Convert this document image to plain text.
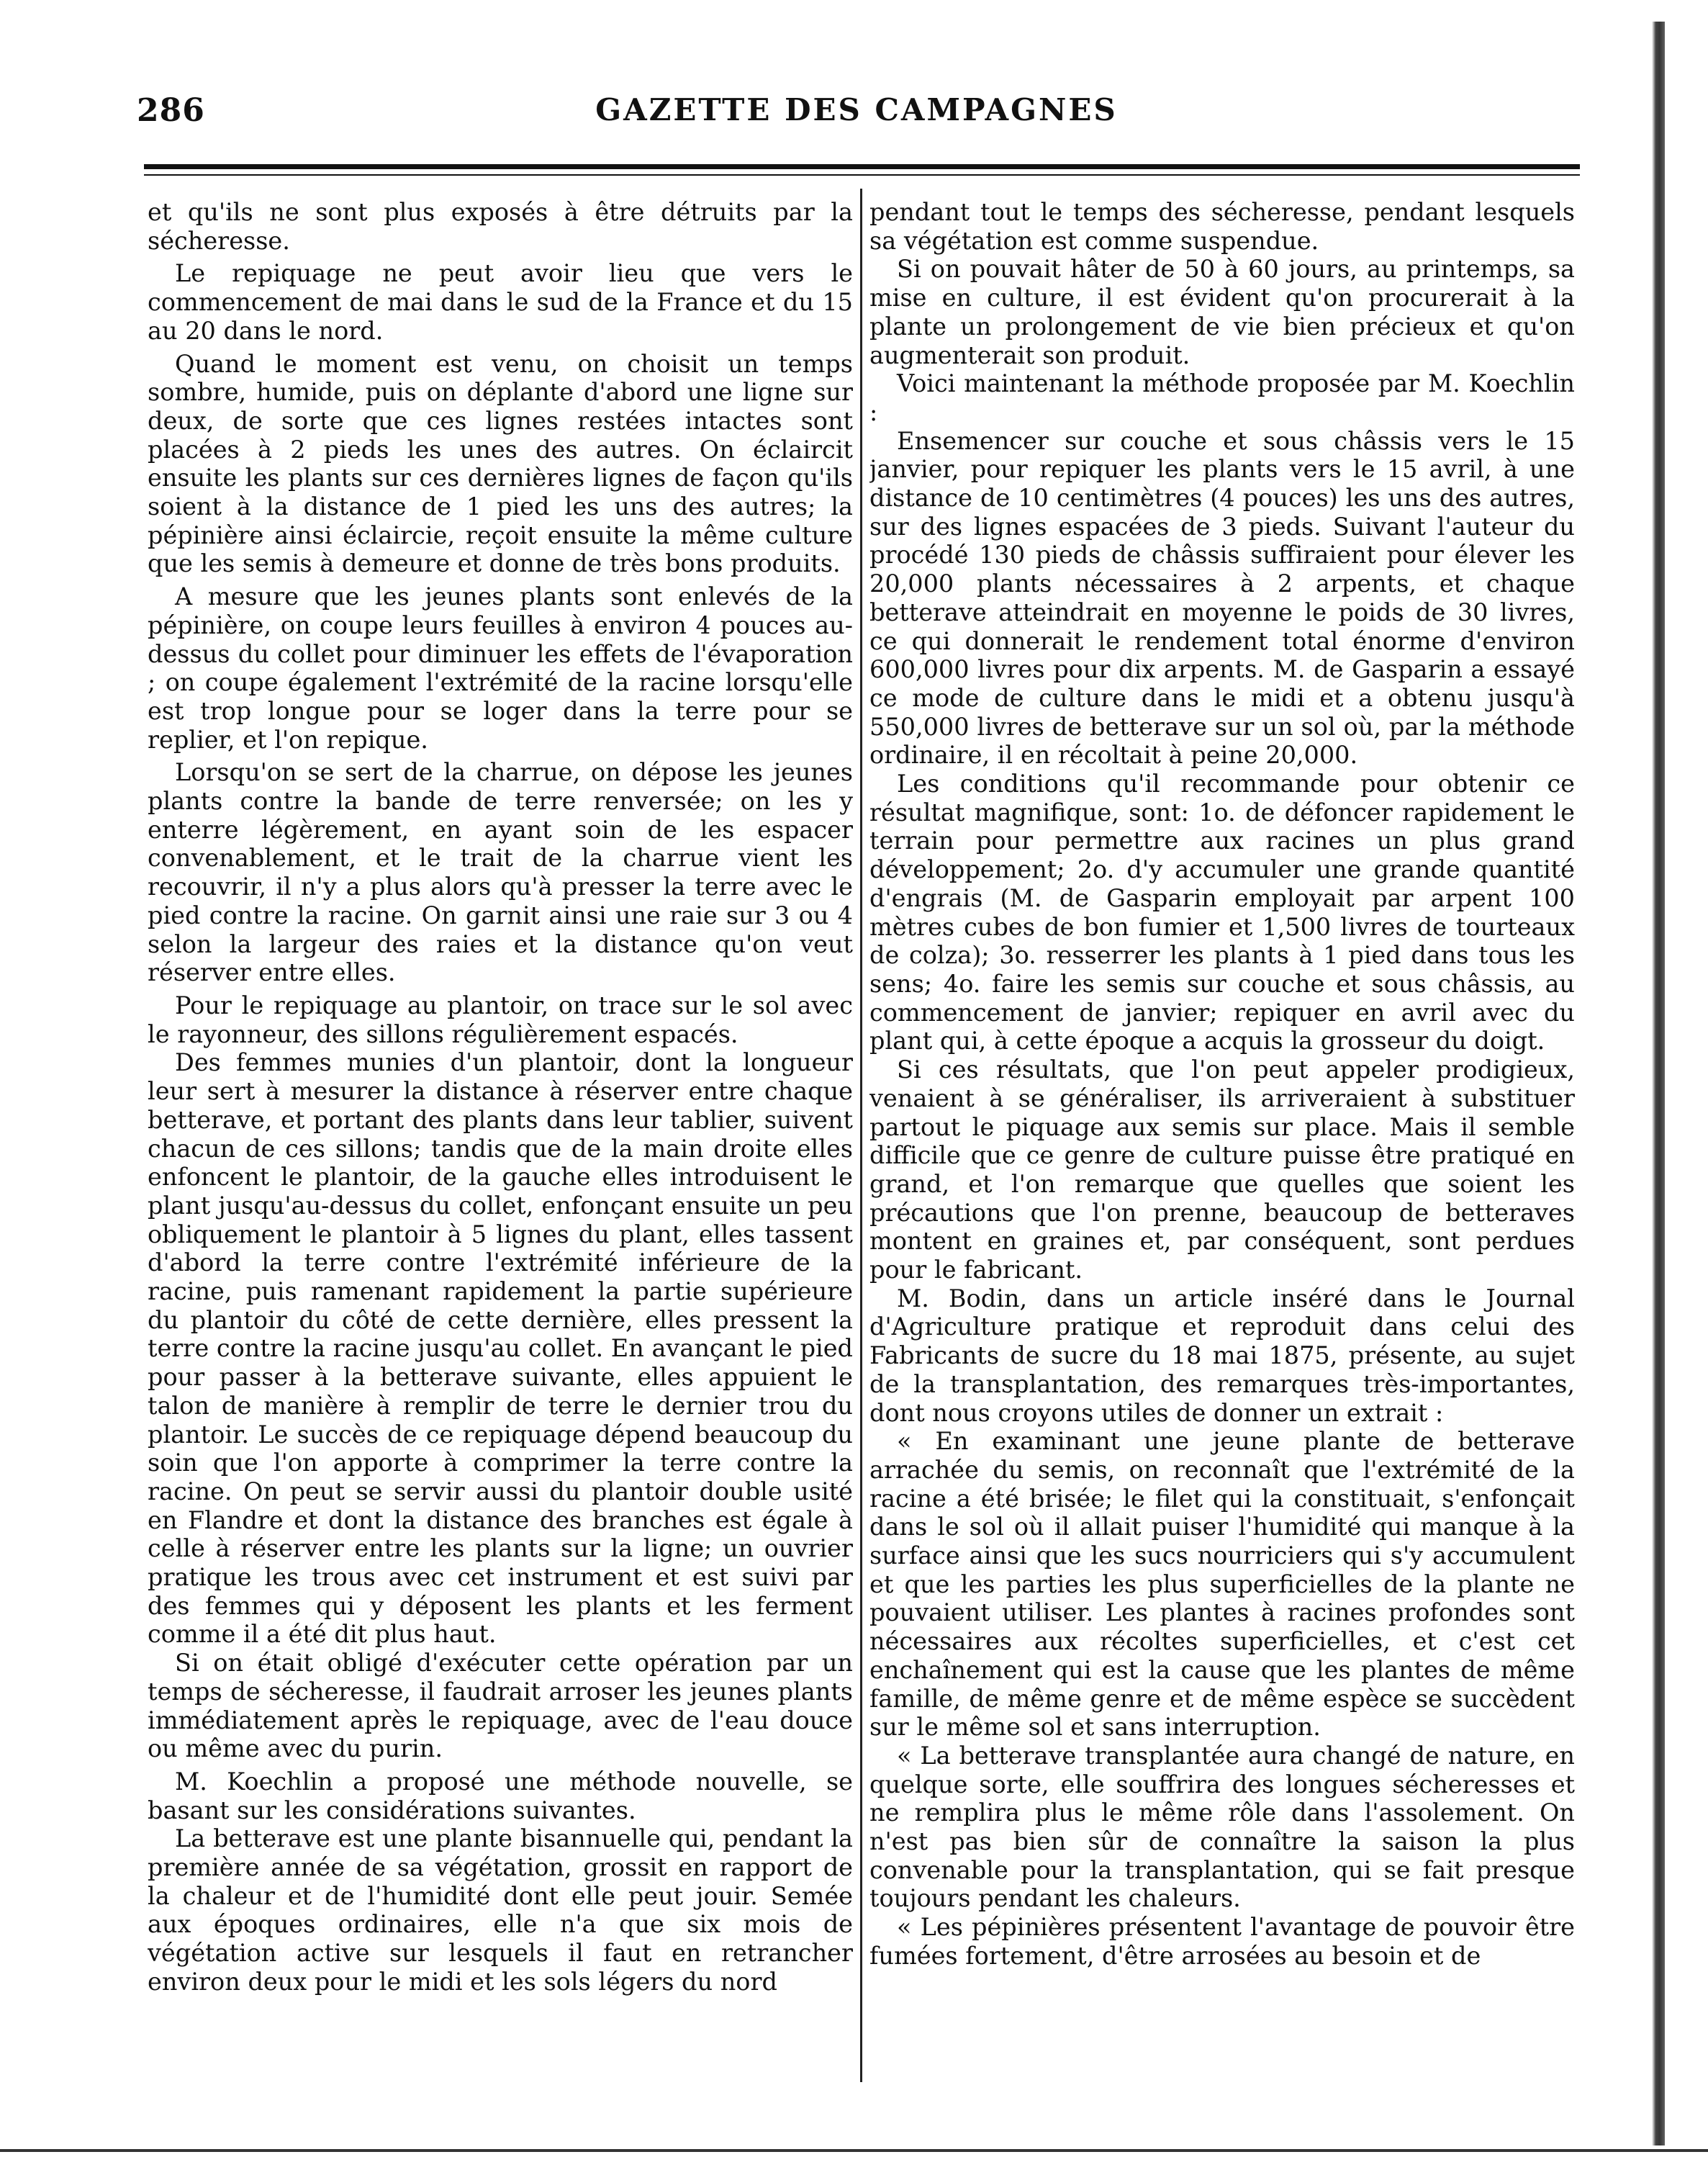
286	GAZETTE DES CAMPAGNES

et qu'ils ne sont plus exposés à être détruits par la sécheresse.

Le repiquage ne peut avoir lieu que vers le commencement de mai dans le sud de la France et du 15 au 20 dans le nord.

Quand le moment est venu, on choisit un temps sombre, humide, puis on déplante d'abord une ligne sur deux, de sorte que ces lignes restées intactes sont placées à 2 pieds les unes des autres. On éclaircit ensuite les plants sur ces dernières lignes de façon qu'ils soient à la distance de 1 pied les uns des autres; la pépinière ainsi éclaircie, reçoit ensuite la même culture que les semis à demeure et donne de très bons produits.

A mesure que les jeunes plants sont enlevés de la pépinière, on coupe leurs feuilles à environ 4 pouces au-dessus du collet pour diminuer les effets de l'évaporation ; on coupe également l'extrémité de la racine lorsqu'elle est trop longue pour se loger dans la terre pour se replier, et l'on repique.

Lorsqu'on se sert de la charrue, on dépose les jeunes plants contre la bande de terre renversée; on les y enterre légèrement, en ayant soin de les espacer convenablement, et le trait de la charrue vient les recouvrir, il n'y a plus alors qu'à presser la terre avec le pied contre la racine. On garnit ainsi une raie sur 3 ou 4 selon la largeur des raies et la distance qu'on veut réserver entre elles.

Pour le repiquage au plantoir, on trace sur le sol avec le rayonneur, des sillons régulièrement espacés.

Des femmes munies d'un plantoir, dont la longueur leur sert à mesurer la distance à réserver entre chaque betterave, et portant des plants dans leur tablier, suivent chacun de ces sillons; tandis que de la main droite elles enfoncent le plantoir, de la gauche elles introduisent le plant jusqu'au-dessus du collet, enfonçant ensuite un peu obliquement le plantoir à 5 lignes du plant, elles tassent d'abord la terre contre l'extrémité inférieure de la racine, puis ramenant rapidement la partie supérieure du plantoir du côté de cette dernière, elles pressent la terre contre la racine jusqu'au collet. En avançant le pied pour passer à la betterave suivante, elles appuient le talon de manière à remplir de terre le dernier trou du plantoir. Le succès de ce repiquage dépend beaucoup du soin que l'on apporte à comprimer la terre contre la racine. On peut se servir aussi du plantoir double usité en Flandre et dont la distance des branches est égale à celle à réserver entre les plants sur la ligne; un ouvrier pratique les trous avec cet instrument et est suivi par des femmes qui y déposent les plants et les ferment comme il a été dit plus haut.

Si on était obligé d'exécuter cette opération par un temps de sécheresse, il faudrait arroser les jeunes plants immédiatement après le repiquage, avec de l'eau douce ou même avec du purin.

M. Koechlin a proposé une méthode nouvelle, se basant sur les considérations suivantes.

La betterave est une plante bisannuelle qui, pendant la première année de sa végétation, grossit en rapport de la chaleur et de l'humidité dont elle peut jouir. Semée aux époques ordinaires, elle n'a que six mois de végétation active sur lesquels il faut en retrancher environ deux pour le midi et les sols légers du nord

pendant tout le temps des sécheresse, pendant lesquels sa végétation est comme suspendue.

Si on pouvait hâter de 50 à 60 jours, au printemps, sa mise en culture, il est évident qu'on procurerait à la plante un prolongement de vie bien précieux et qu'on augmenterait son produit.

Voici maintenant la méthode proposée par M. Koechlin :

Ensemencer sur couche et sous châssis vers le 15 janvier, pour repiquer les plants vers le 15 avril, à une distance de 10 centimètres (4 pouces) les uns des autres, sur des lignes espacées de 3 pieds. Suivant l'auteur du procédé 130 pieds de châssis suffiraient pour élever les 20,000 plants nécessaires à 2 arpents, et chaque betterave atteindrait en moyenne le poids de 30 livres, ce qui donnerait le rendement total énorme d'environ 600,000 livres pour dix arpents. M. de Gasparin a essayé ce mode de culture dans le midi et a obtenu jusqu'à 550,000 livres de betterave sur un sol où, par la méthode ordinaire, il en récoltait à peine 20,000.

Les conditions qu'il recommande pour obtenir ce résultat magnifique, sont: 1o. de défoncer rapidement le terrain pour permettre aux racines un plus grand développement; 2o. d'y accumuler une grande quantité d'engrais (M. de Gasparin employait par arpent 100 mètres cubes de bon fumier et 1,500 livres de tourteaux de colza); 3o. resserrer les plants à 1 pied dans tous les sens; 4o. faire les semis sur couche et sous châssis, au commencement de janvier; repiquer en avril avec du plant qui, à cette époque a acquis la grosseur du doigt.

Si ces résultats, que l'on peut appeler prodigieux, venaient à se généraliser, ils arriveraient à substituer partout le piquage aux semis sur place. Mais il semble difficile que ce genre de culture puisse être pratiqué en grand, et l'on remarque que quelles que soient les précautions que l'on prenne, beaucoup de betteraves montent en graines et, par conséquent, sont perdues pour le fabricant.

M. Bodin, dans un article inséré dans le Journal d'Agriculture pratique et reproduit dans celui des Fabricants de sucre du 18 mai 1875, présente, au sujet de la transplantation, des remarques très-importantes, dont nous croyons utiles de donner un extrait :

« En examinant une jeune plante de betterave arrachée du semis, on reconnaît que l'extrémité de la racine a été brisée; le filet qui la constituait, s'enfonçait dans le sol où il allait puiser l'humidité qui manque à la surface ainsi que les sucs nourriciers qui s'y accumulent et que les parties les plus superficielles de la plante ne pouvaient utiliser. Les plantes à racines profondes sont nécessaires aux récoltes superficielles, et c'est cet enchaînement qui est la cause que les plantes de même famille, de même genre et de même espèce se succèdent sur le même sol et sans interruption.

« La betterave transplantée aura changé de nature, en quelque sorte, elle souffrira des longues sécheresses et ne remplira plus le même rôle dans l'assolement. On n'est pas bien sûr de connaître la saison la plus convenable pour la transplantation, qui se fait presque toujours pendant les chaleurs.

« Les pépinières présentent l'avantage de pouvoir être fumées fortement, d'être arrosées au besoin et de
